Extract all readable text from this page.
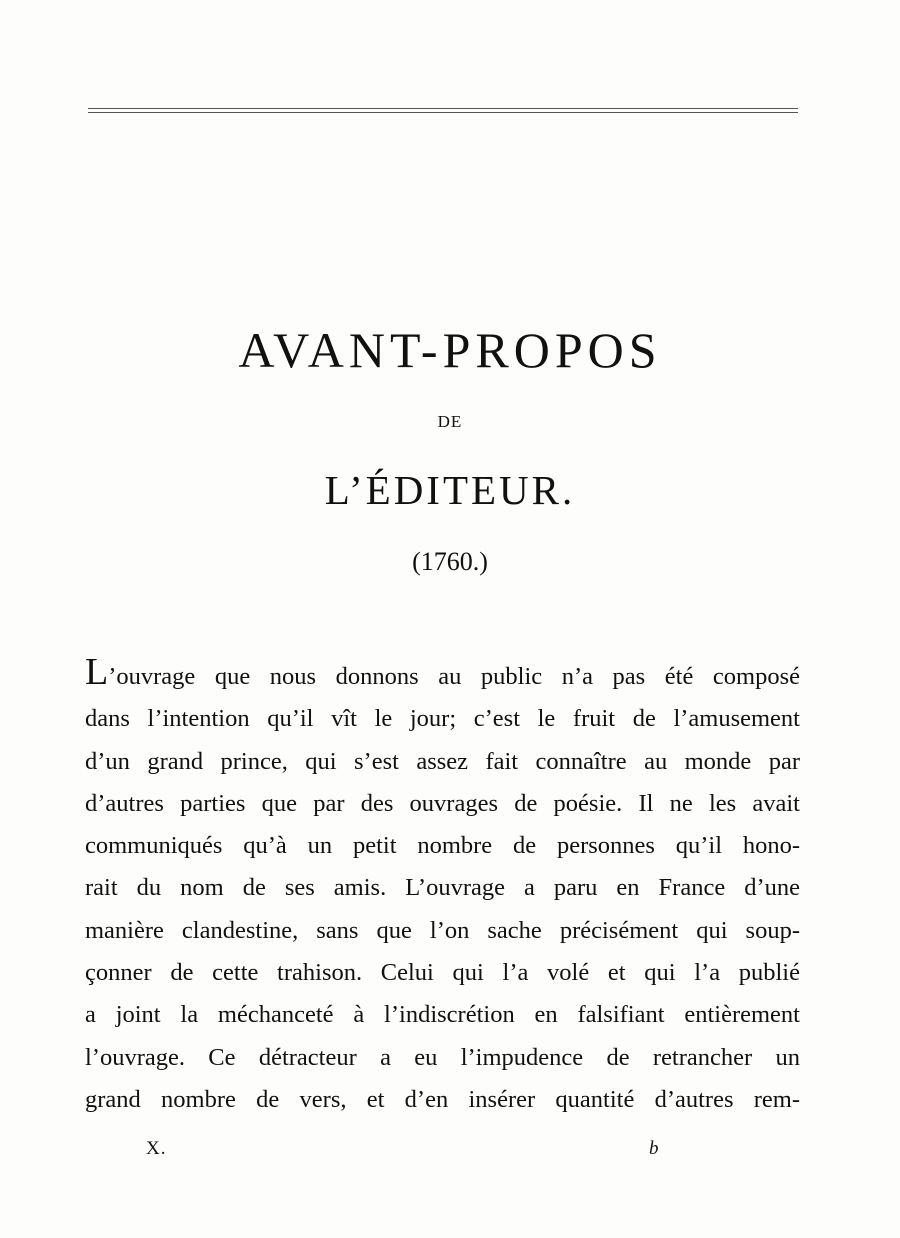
AVANT-PROPOS
DE
L’ÉDITEUR.
(1760.)
L’ouvrage que nous donnons au public n’a pas été composé
dans l’intention qu’il vît le jour; c’est le fruit de l’amusement
d’un grand prince, qui s’est assez fait connaître au monde par
d’autres parties que par des ouvrages de poésie. Il ne les avait
communiqués qu’à un petit nombre de personnes qu’il hono-
rait du nom de ses amis. L’ouvrage a paru en France d’une
manière clandestine, sans que l’on sache précisément qui soup-
çonner de cette trahison. Celui qui l’a volé et qui l’a publié
a joint la méchanceté à l’indiscrétion en falsifiant entièrement
l’ouvrage. Ce détracteur a eu l’impudence de retrancher un
grand nombre de vers, et d’en insérer quantité d’autres rem-
X.	b
